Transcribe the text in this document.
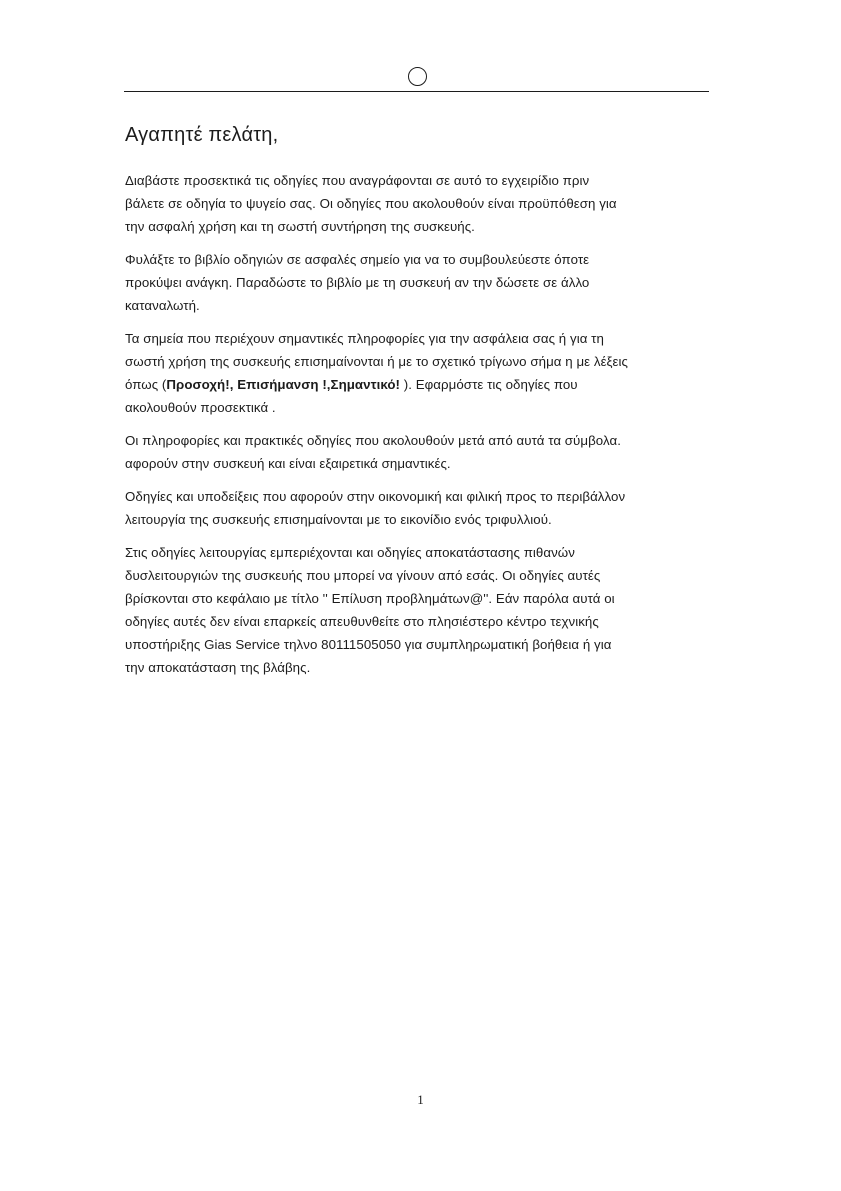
Αγαπητέ πελάτη,

Διαβάστε προσεκτικά τις οδηγίες που αναγράφονται σε αυτό το εγχειρίδιο πριν
βάλετε σε οδηγία το ψυγείο σας. Οι οδηγίες που ακολουθούν είναι προϋπόθεση για
την ασφαλή χρήση και τη σωστή συντήρηση της συσκευής.

Φυλάξτε το βιβλίο οδηγιών σε ασφαλές σημείο για να το συμβουλεύεστε όποτε
προκύψει ανάγκη. Παραδώστε το βιβλίο με τη συσκευή αν την δώσετε σε άλλο
καταναλωτή.

Τα σημεία που περιέχουν σημαντικές πληροφορίες για την ασφάλεια σας ή για τη
σωστή χρήση της συσκευής επισημαίνονται ή με το σχετικό τρίγωνο σήμα η με λέξεις
όπως (Προσοχή!, Επισήμανση !,Σημαντικό! ). Εφαρμόστε τις οδηγίες που
ακολουθούν προσεκτικά .

Οι πληροφορίες και πρακτικές οδηγίες που ακολουθούν μετά από αυτά τα σύμβολα.
αφορούν στην συσκευή και είναι εξαιρετικά σημαντικές.

Οδηγίες και υποδείξεις που αφορούν στην οικονομική και φιλική προς το περιβάλλον
λειτουργία της συσκευής επισημαίνονται με το εικονίδιο ενός τριφυλλιού.

Στις οδηγίες λειτουργίας εμπεριέχονται και οδηγίες αποκατάστασης πιθανών
δυσλειτουργιών της συσκευής που μπορεί να γίνουν από εσάς. Οι οδηγίες αυτές
βρίσκονται στο κεφάλαιο με τίτλο '' Επίλυση προβλημάτων@''. Εάν παρόλα αυτά οι
οδηγίες αυτές δεν είναι επαρκείς απευθυνθείτε στο πλησιέστερο κέντρο τεχνικής
υποστήριξης Gias Service τηλνο 80111505050 για συμπληρωματική βοήθεια ή για
την αποκατάσταση της βλάβης.

1
